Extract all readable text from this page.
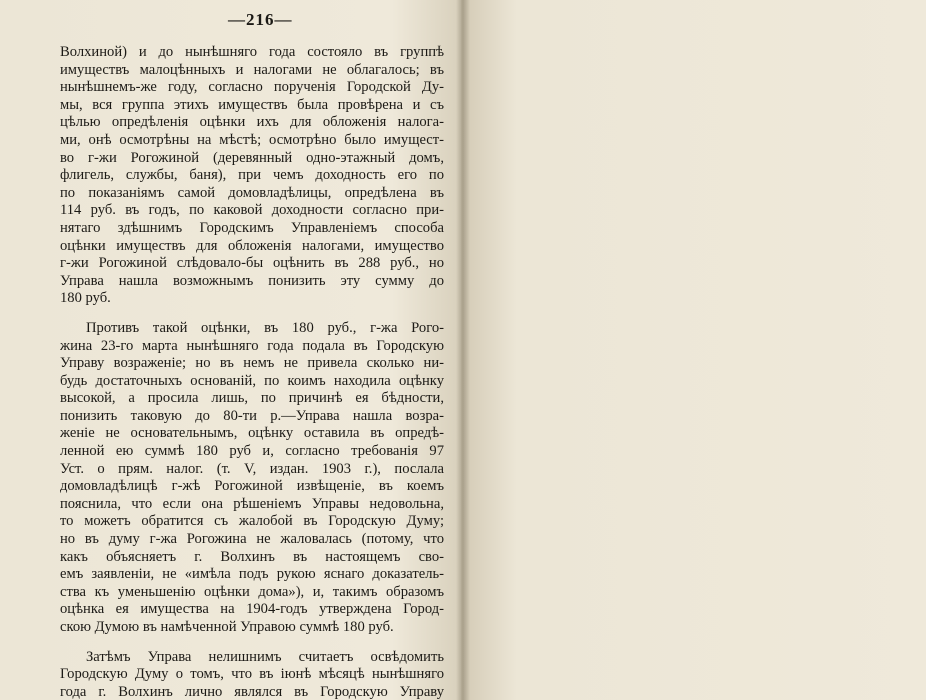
—216—
Волхиной) и до нынѣшняго года состояло въ группѣ
имуществъ малоцѣнныхъ и налогами не облагалось; въ
нынѣшнемъ-же году, согласно порученія Городской Ду-
мы, вся группа этихъ имуществъ была провѣрена и съ
цѣлью опредѣленія оцѣнки ихъ для обложенія налога-
ми, онѣ осмотрѣны на мѣстѣ; осмотрѣно было имущест-
во г-жи Рогожиной (деревянный одно-этажный домъ,
флигель, службы, баня), при чемъ доходность его по
по показаніямъ самой домовладѣлицы, опредѣлена въ
114 руб. въ годъ, по каковой доходности согласно при-
нятаго здѣшнимъ Городскимъ Управленіемъ способа
оцѣнки имуществъ для обложенія налогами, имущество
г-жи Рогожиной слѣдовало-бы оцѣнить въ 288 руб., но
Управа нашла возможнымъ понизить эту сумму до
180 руб.
Противъ такой оцѣнки, въ 180 руб., г-жа Рого-
жина 23-го марта нынѣшняго года подала въ Городскую
Управу возраженіе; но въ немъ не привела сколько ни-
будь достаточныхъ основаній, по коимъ находила оцѣнку
высокой, а просила лишь, по причинѣ ея бѣдности,
понизить таковую до 80-ти р.—Управа нашла возра-
женіе не основательнымъ, оцѣнку оставила въ опредѣ-
ленной ею суммѣ 180 руб и, согласно требованія 97
Уст. о прям. налог. (т. V, издан. 1903 г.), послала
домовладѣлицѣ г-жѣ Рогожиной извѣщеніе, въ коемъ
пояснила, что если она рѣшеніемъ Управы недовольна,
то можетъ обратится съ жалобой въ Городскую Думу;
но въ думу г-жа Рогожина не жаловалась (потому, что
какъ объясняетъ г. Волхинъ въ настоящемъ сво-
емъ заявленіи, не «имѣла подъ рукою яснаго доказатель-
ства къ уменьшенію оцѣнки дома»), и, такимъ образомъ
оцѣнка ея имущества на 1904-годъ утверждена Город-
скою Думою въ намѣченной Управою суммѣ 180 руб.
Затѣмъ Управа нелишнимъ считаетъ освѣдомить
Городскую Думу о томъ, что въ іюнѣ мѣсяцѣ нынѣшняго
года г. Волхинъ лично являлся въ Городскую Управу
